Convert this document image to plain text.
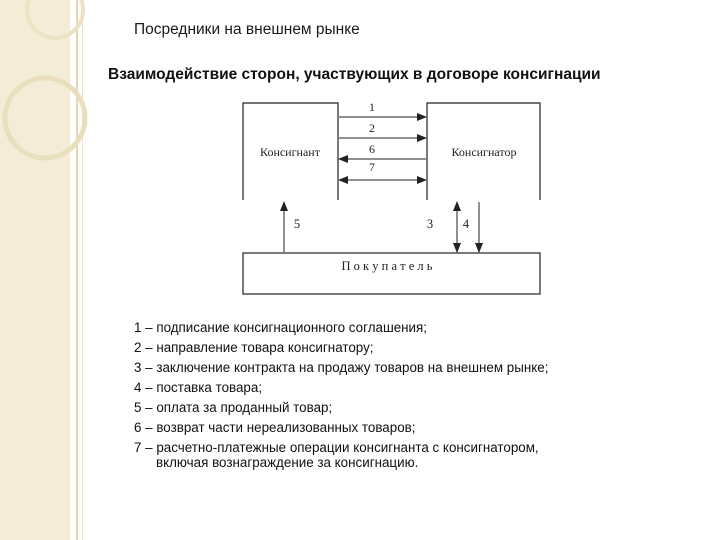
Посредники на внешнем рынке
Взаимодействие сторон, участвующих в договоре консигнации
Консигнант	Консигнатор
1
2
6
7
П о к у п а т е л ь
5	3 4
1 – подписание консигнационного соглашения;
2 – направление товара консигнатору;
3 – заключение контракта на продажу товаров на внешнем рынке;
4 – поставка товара;
5 – оплата за проданный товар;
6 – возврат части нереализованных товаров;
7 – расчетно-платежные операции консигнанта с консигнатором,
включая вознаграждение за консигнацию.
